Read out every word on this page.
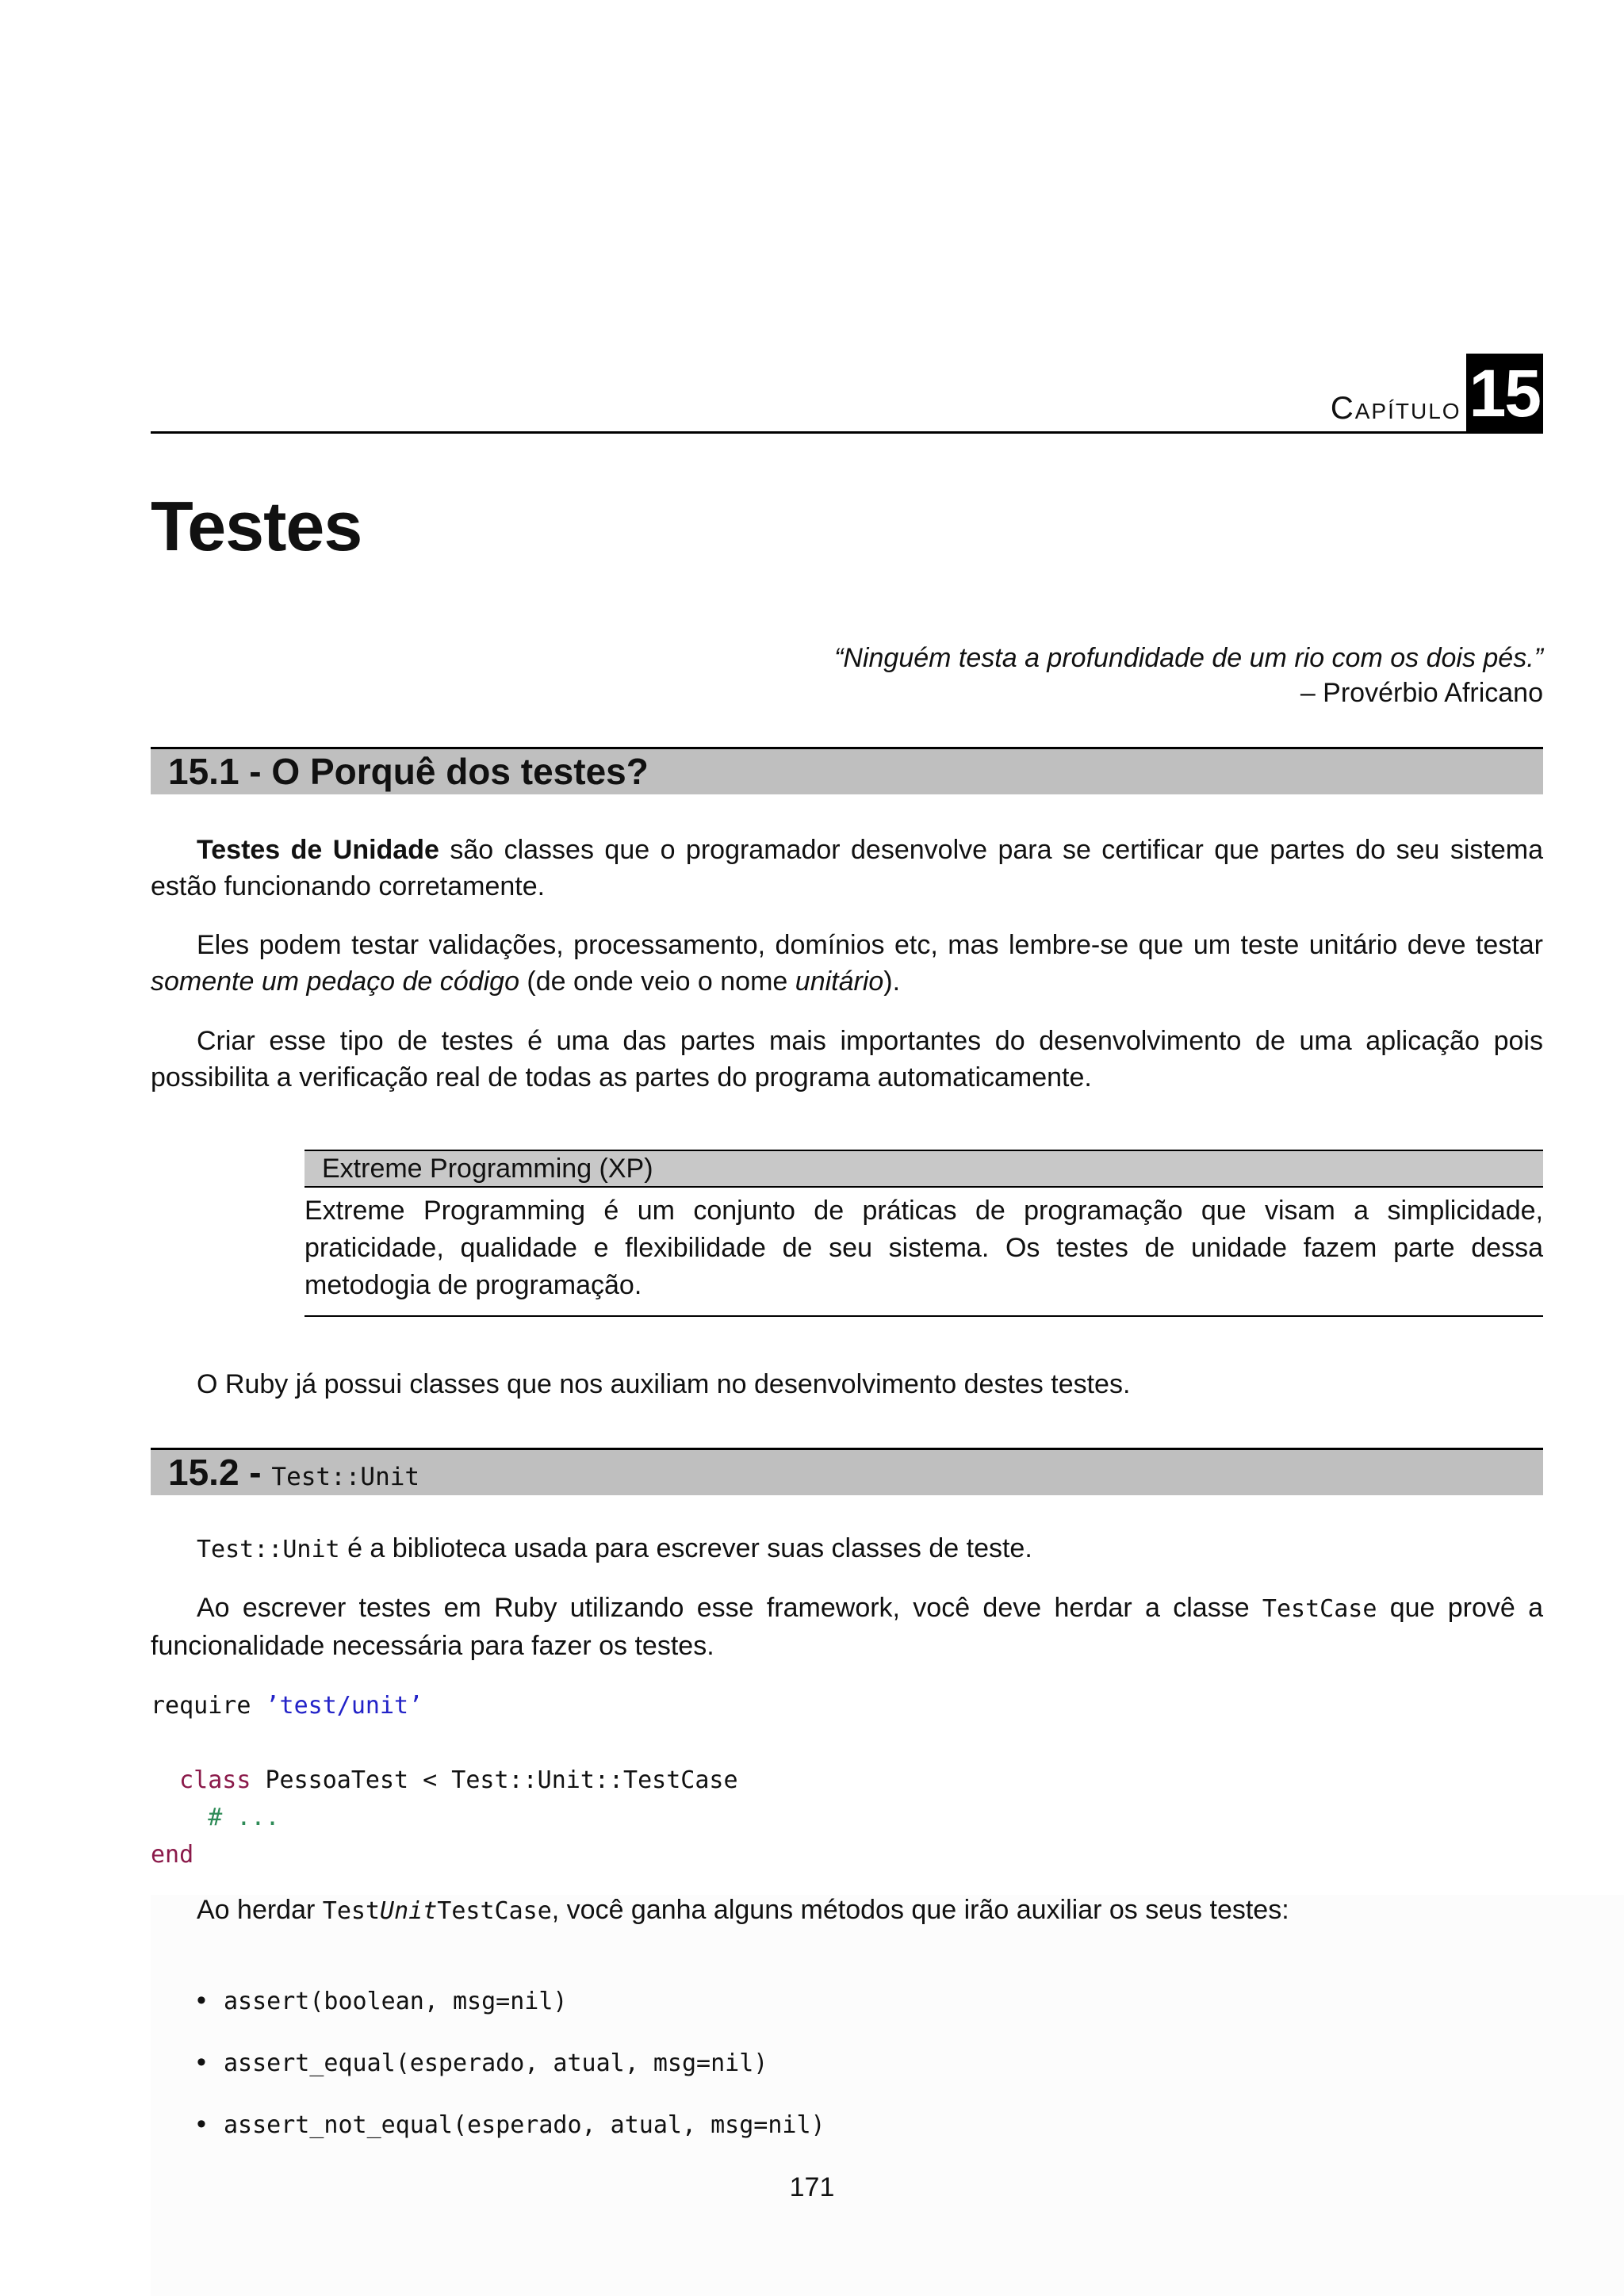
Capítulo 15
Testes
“Ninguém testa a profundidade de um rio com os dois pés.”
– Provérbio Africano
15.1 - O Porquê dos testes?

Testes de Unidade são classes que o programador desenvolve para se certificar que partes do seu sistema estão funcionando corretamente.

Eles podem testar validações, processamento, domínios etc, mas lembre-se que um teste unitário deve testar somente um pedaço de código (de onde veio o nome unitário).

Criar esse tipo de testes é uma das partes mais importantes do desenvolvimento de uma aplicação pois possibilita a verificação real de todas as partes do programa automaticamente.

Extreme Programming (XP)
Extreme Programming é um conjunto de práticas de programação que visam a simplicidade, praticidade, qualidade e flexibilidade de seu sistema. Os testes de unidade fazem parte dessa metodogia de programação.

O Ruby já possui classes que nos auxiliam no desenvolvimento destes testes.

15.2 - Test::Unit

Test::Unit é a biblioteca usada para escrever suas classes de teste.

Ao escrever testes em Ruby utilizando esse framework, você deve herdar a classe TestCase que provê a funcionalidade necessária para fazer os testes.

require ’test/unit’

class PessoaTest < Test::Unit::TestCase
# ...
end

Ao herdar TestUnitTestCase, você ganha alguns métodos que irão auxiliar os seus testes:

• assert(boolean, msg=nil)
• assert_equal(esperado, atual, msg=nil)
• assert_not_equal(esperado, atual, msg=nil)
171
